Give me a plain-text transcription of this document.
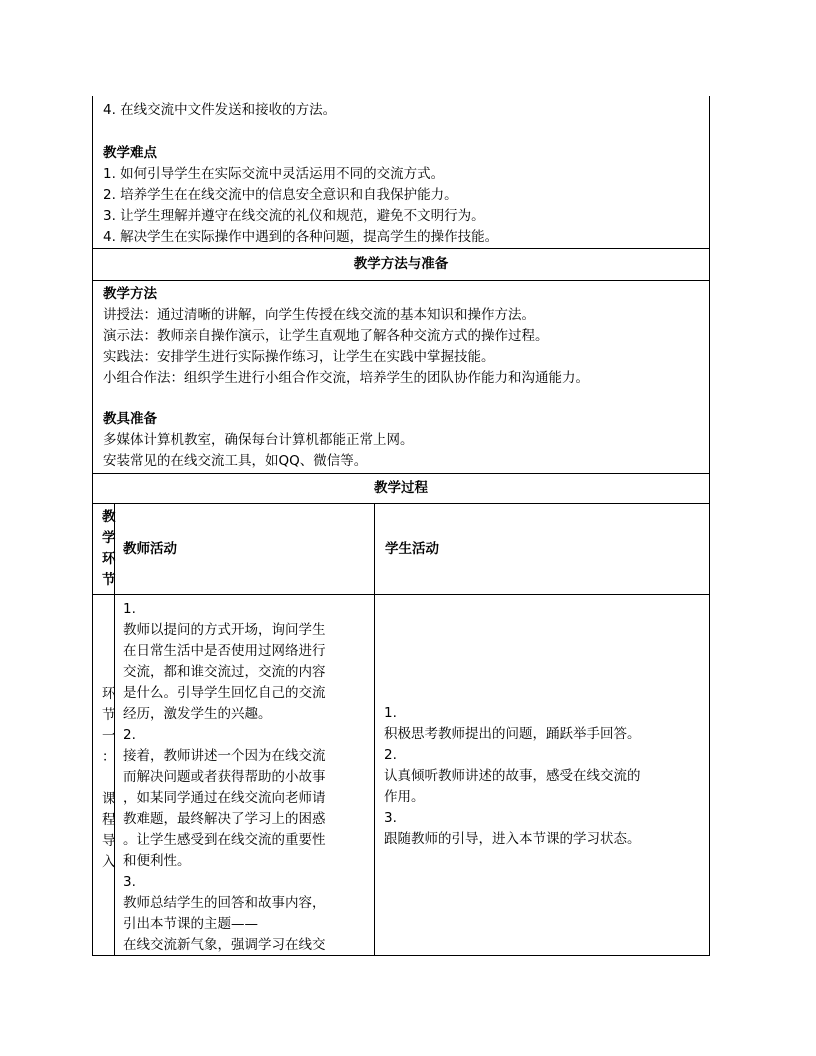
4. 在线交流中文件发送和接收的方法。
教学难点
1. 如何引导学生在实际交流中灵活运用不同的交流方式。
2. 培养学生在在线交流中的信息安全意识和自我保护能力。
3. 让学生理解并遵守在线交流的礼仪和规范，避免不文明行为。
4. 解决学生在实际操作中遇到的各种问题，提高学生的操作技能。
教学方法与准备
教学方法
讲授法：通过清晰的讲解，向学生传授在线交流的基本知识和操作方法。
演示法：教师亲自操作演示，让学生直观地了解各种交流方式的操作过程。
实践法：安排学生进行实际操作练习，让学生在实践中掌握技能。
小组合作法：组织学生进行小组合作交流，培养学生的团队协作能力和沟通能力。
教具准备
多媒体计算机教室，确保每台计算机都能正常上网。
安装常见的在线交流工具，如QQ、微信等。
教学过程
教
学
环
节
教师活动	学生活动
环
节
一
：
课
程
导
入
1.
教师以提问的方式开场，询问学生
在日常生活中是否使用过网络进行
交流，都和谁交流过，交流的内容
是什么。引导学生回忆自己的交流
经历，激发学生的兴趣。
2.
接着，教师讲述一个因为在线交流
而解决问题或者获得帮助的小故事
，如某同学通过在线交流向老师请
教难题，最终解决了学习上的困惑
。让学生感受到在线交流的重要性
和便利性。
3.
教师总结学生的回答和故事内容，
引出本节课的主题——
在线交流新气象，强调学习在线交
1.
积极思考教师提出的问题，踊跃举手回答。
2.
认真倾听教师讲述的故事，感受在线交流的
作用。
3.
跟随教师的引导，进入本节课的学习状态。
